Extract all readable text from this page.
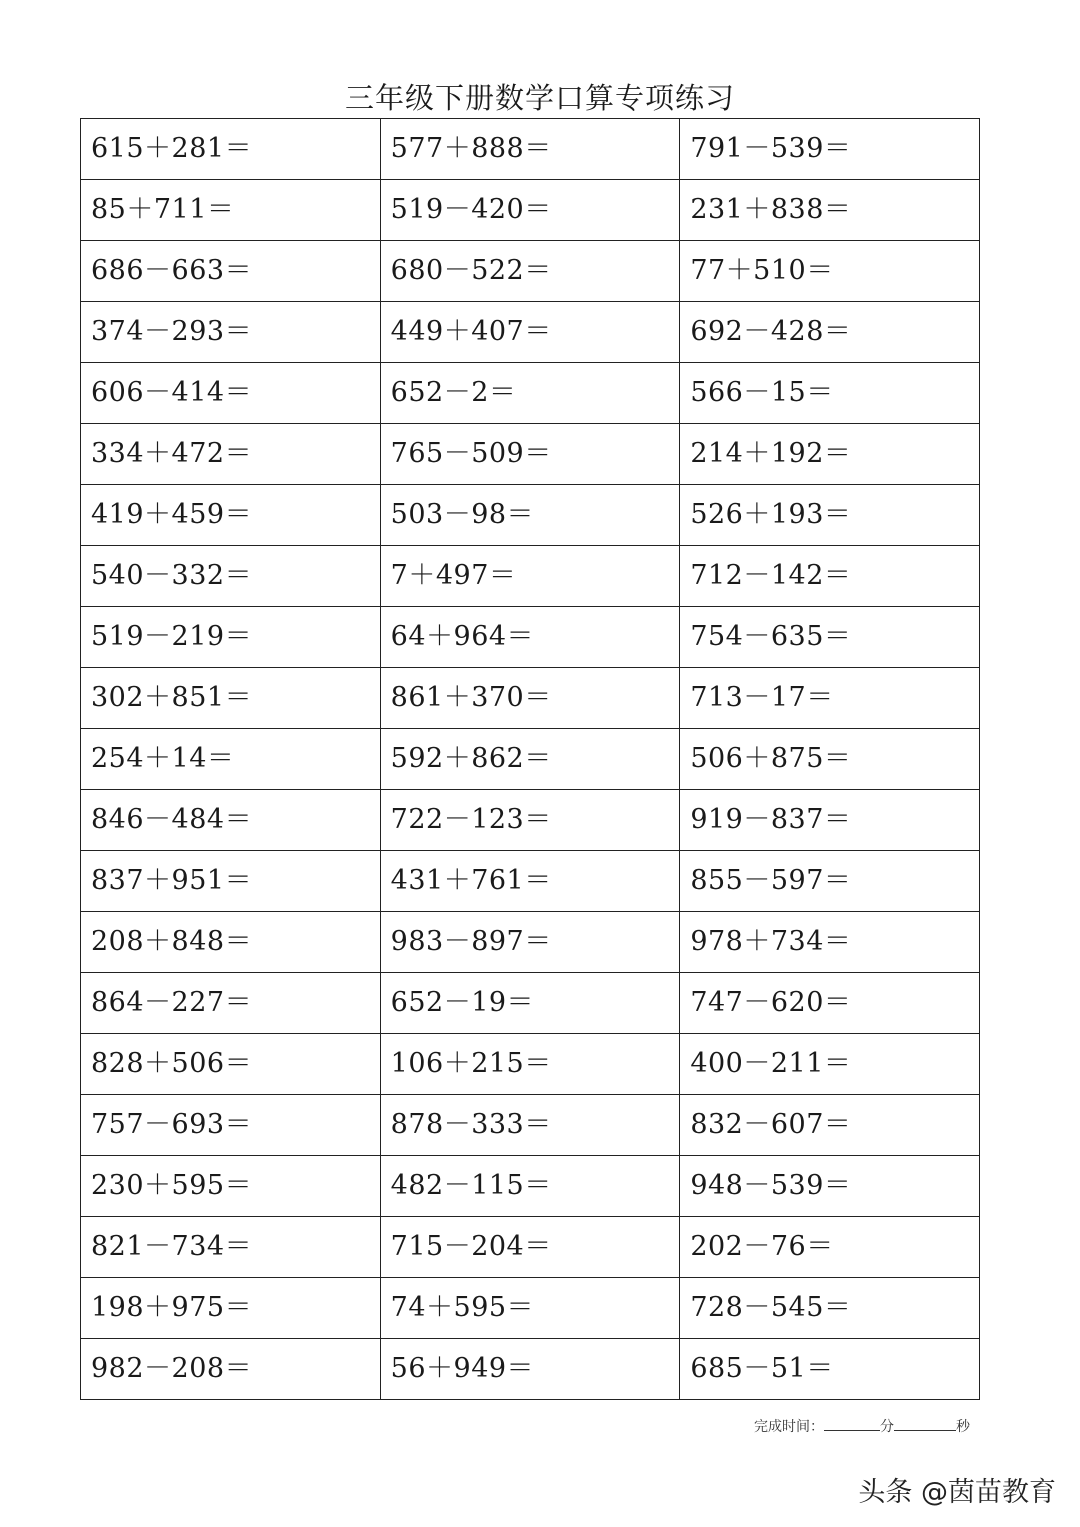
三年级下册数学口算专项练习
615＋281＝	577＋888＝	791－539＝
85＋711＝	519－420＝	231＋838＝
686－663＝	680－522＝	77＋510＝
374－293＝	449＋407＝	692－428＝
606－414＝	652－2＝	566－15＝
334＋472＝	765－509＝	214＋192＝
419＋459＝	503－98＝	526＋193＝
540－332＝	7＋497＝	712－142＝
519－219＝	64＋964＝	754－635＝
302＋851＝	861＋370＝	713－17＝
254＋14＝	592＋862＝	506＋875＝
846－484＝	722－123＝	919－837＝
837＋951＝	431＋761＝	855－597＝
208＋848＝	983－897＝	978＋734＝
864－227＝	652－19＝	747－620＝
828＋506＝	106＋215＝	400－211＝
757－693＝	878－333＝	832－607＝
230＋595＝	482－115＝	948－539＝
821－734＝	715－204＝	202－76＝
198＋975＝	74＋595＝	728－545＝
982－208＝	56＋949＝	685－51＝
完成时间：	分	秒
头条 @茵苗教育
